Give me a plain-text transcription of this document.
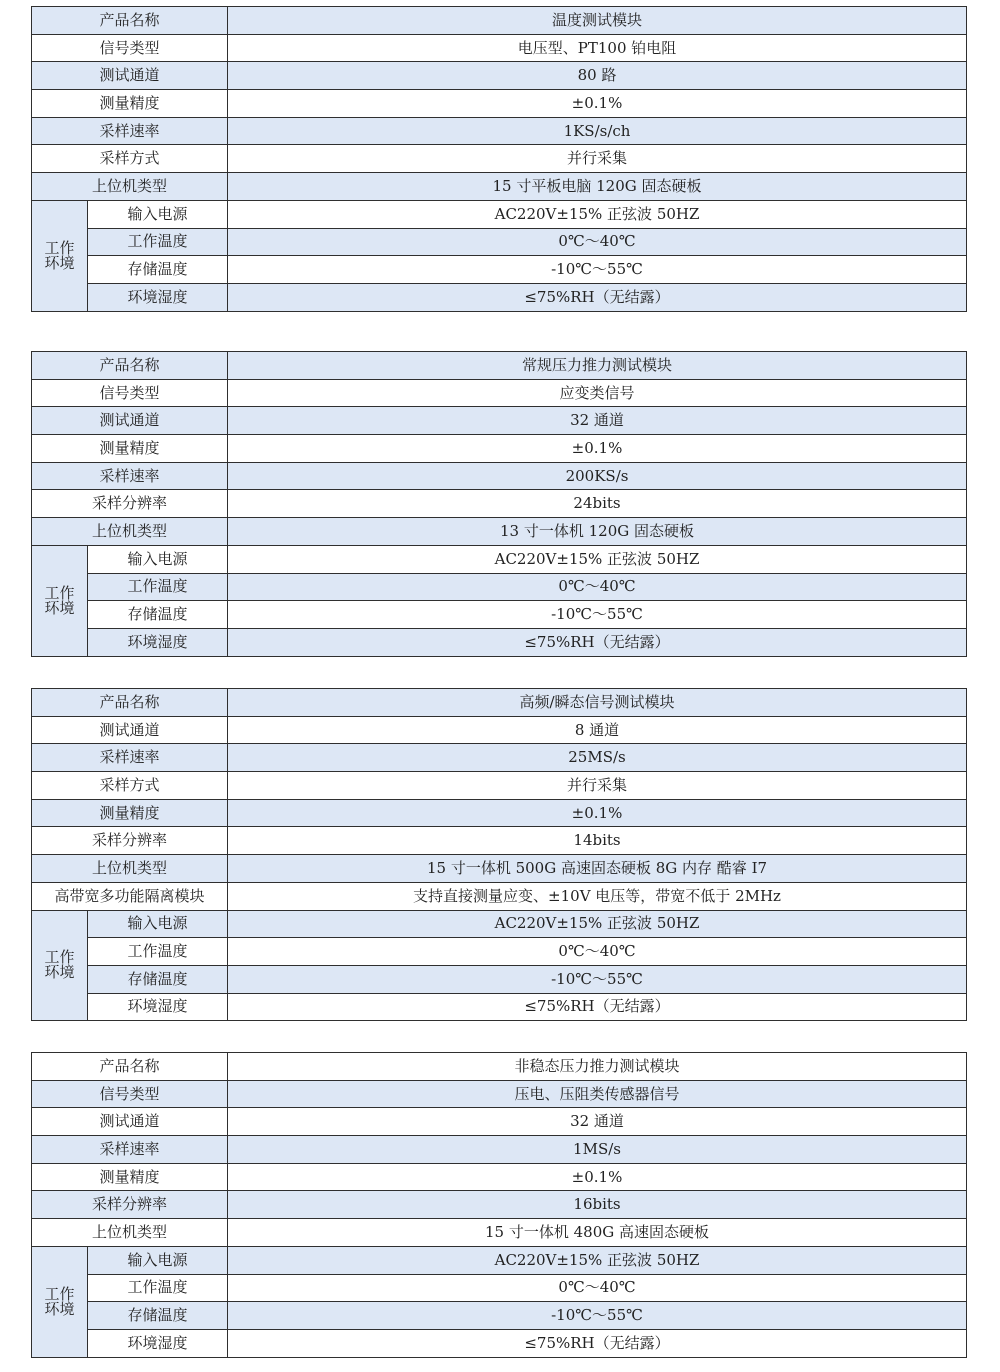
产品名称		温度测试模块
信号类型		电压型、PT100 铂电阻
测试通道		80 路
测量精度		±0.1%
采样速率		1KS/s/ch
采样方式		并行采集
上位机类型		15 寸平板电脑 120G 固态硬板
工作
环境	输入电源	AC220V±15% 正弦波 50HZ
	工作温度	0℃～40℃
	存储温度	-10℃～55℃
	环境湿度	≤75%RH（无结露）
产品名称		常规压力推力测试模块
信号类型		应变类信号
测试通道		32 通道
测量精度		±0.1%
采样速率		200KS/s
采样分辨率		24bits
上位机类型		13 寸一体机 120G 固态硬板
工作
环境	输入电源	AC220V±15% 正弦波 50HZ
	工作温度	0℃～40℃
	存储温度	-10℃～55℃
	环境湿度	≤75%RH（无结露）
产品名称		高频/瞬态信号测试模块
测试通道		8 通道
采样速率		25MS/s
采样方式		并行采集
测量精度		±0.1%
采样分辨率		14bits
上位机类型		15 寸一体机 500G 高速固态硬板 8G 内存 酷睿 I7
高带宽多功能隔离模块		支持直接测量应变、±10V 电压等，带宽不低于 2MHz
工作
环境	输入电源	AC220V±15% 正弦波 50HZ
	工作温度	0℃～40℃
	存储温度	-10℃～55℃
	环境湿度	≤75%RH（无结露）
产品名称		非稳态压力推力测试模块
信号类型		压电、压阻类传感器信号
测试通道		32 通道
采样速率		1MS/s
测量精度		±0.1%
采样分辨率		16bits
上位机类型		15 寸一体机 480G 高速固态硬板
工作
环境	输入电源	AC220V±15% 正弦波 50HZ
	工作温度	0℃～40℃
	存储温度	-10℃～55℃
	环境湿度	≤75%RH（无结露）
